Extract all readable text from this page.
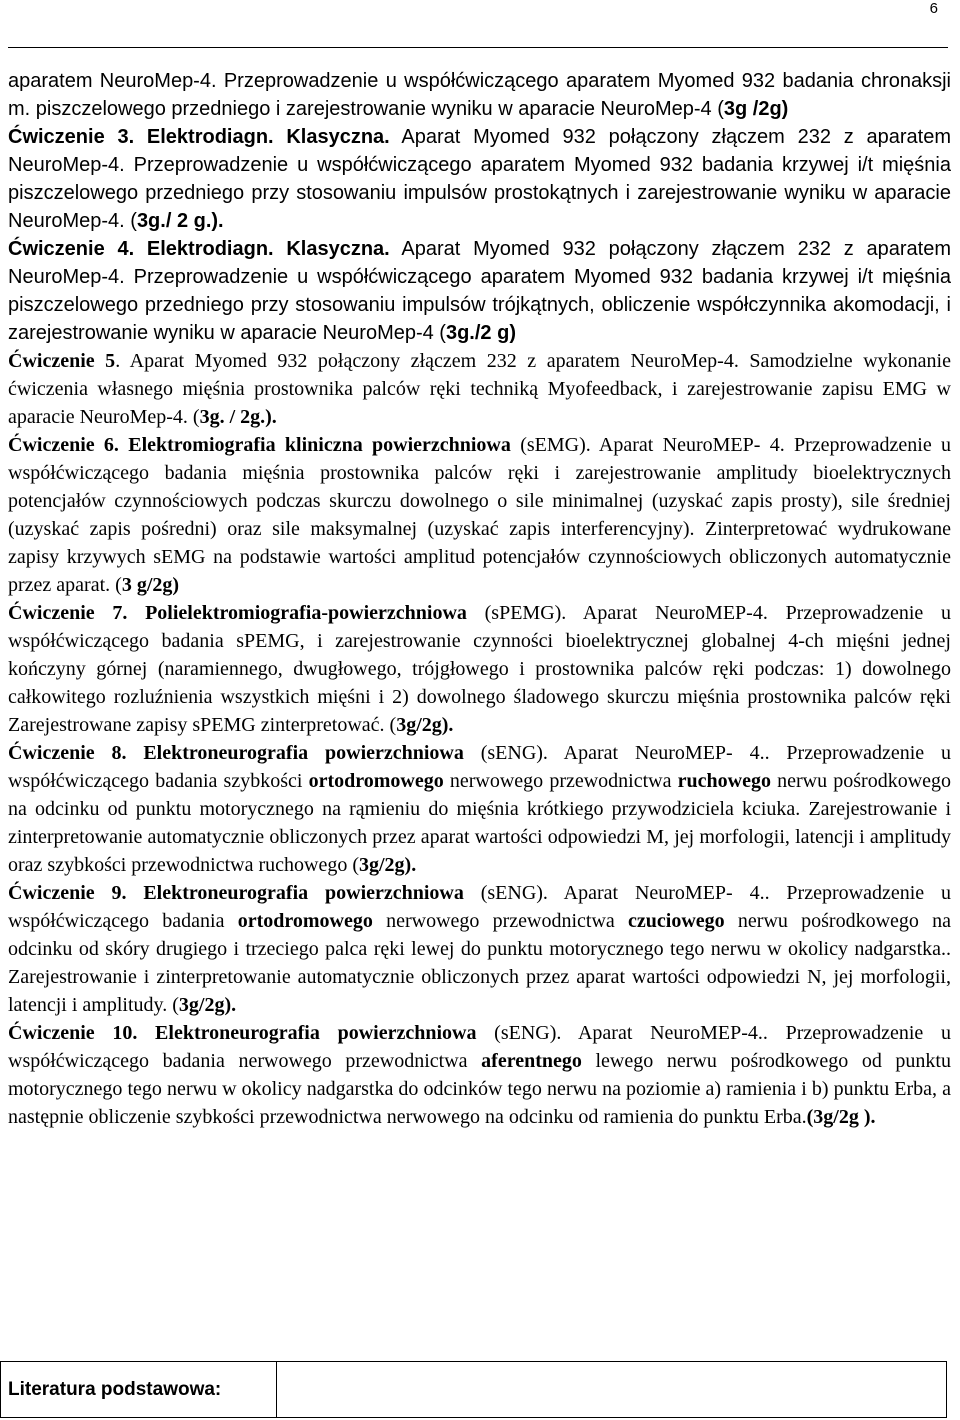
6

aparatem NeuroMep-4. Przeprowadzenie u współćwiczącego aparatem Myomed 932 badania chronaksji m. piszczelowego przedniego i zarejestrowanie wyniku w aparacie NeuroMep-4 (3g /2g)

Ćwiczenie 3. Elektrodiagn. Klasyczna. Aparat Myomed 932 połączony złączem 232 z aparatem NeuroMep-4. Przeprowadzenie u współćwiczącego aparatem Myomed 932 badania krzywej i/t mięśnia piszczelowego przedniego przy stosowaniu impulsów prostokątnych i zarejestrowanie wyniku w aparacie NeuroMep-4. (3g./ 2 g.).

Ćwiczenie 4. Elektrodiagn. Klasyczna. Aparat Myomed 932 połączony złączem 232 z aparatem NeuroMep-4. Przeprowadzenie u współćwiczącego aparatem Myomed 932 badania krzywej i/t mięśnia piszczelowego przedniego przy stosowaniu impulsów trójkątnych, obliczenie współczynnika akomodacji, i zarejestrowanie wyniku w aparacie NeuroMep-4 (3g./2 g)

Ćwiczenie 5. Aparat Myomed 932 połączony złączem 232 z aparatem NeuroMep-4. Samodzielne wykonanie ćwiczenia własnego mięśnia prostownika palców ręki techniką Myofeedback, i zarejestrowanie zapisu EMG w aparacie NeuroMep-4. (3g. / 2g.).

Ćwiczenie 6. Elektromiografia kliniczna powierzchniowa (sEMG). Aparat NeuroMEP- 4. Przeprowadzenie u współćwiczącego badania mięśnia prostownika palców ręki i zarejestrowanie amplitudy bioelektrycznych potencjałów czynnościowych podczas skurczu dowolnego o sile minimalnej (uzyskać zapis prosty), sile średniej (uzyskać zapis pośredni) oraz sile maksymalnej (uzyskać zapis interferencyjny). Zinterpretować wydrukowane zapisy krzywych sEMG na podstawie wartości amplitud potencjałów czynnościowych obliczonych automatycznie przez aparat. (3 g/2g)

Ćwiczenie 7. Polielektromiografia-powierzchniowa (sPEMG). Aparat NeuroMEP-4. Przeprowadzenie u współćwiczącego badania sPEMG, i zarejestrowanie czynności bioelektrycznej globalnej 4-ch mięśni jednej kończyny górnej (naramiennego, dwugłowego, trójgłowego i prostownika palców ręki podczas: 1) dowolnego całkowitego rozluźnienia wszystkich mięśni i 2) dowolnego śladowego skurczu mięśnia prostownika palców ręki Zarejestrowane zapisy sPEMG zinterpretować. (3g/2g).

Ćwiczenie 8. Elektroneurografia powierzchniowa (sENG). Aparat NeuroMEP- 4.. Przeprowadzenie u współćwiczącego badania szybkości ortodromowego nerwowego przewodnictwa ruchowego nerwu pośrodkowego na odcinku od punktu motorycznego na rąmieniu do mięśnia krótkiego przywodziciela kciuka. Zarejestrowanie i zinterpretowanie automatycznie obliczonych przez aparat wartości odpowiedzi M, jej morfologii, latencji i amplitudy oraz szybkości przewodnictwa ruchowego (3g/2g).

Ćwiczenie 9. Elektroneurografia powierzchniowa (sENG). Aparat NeuroMEP- 4.. Przeprowadzenie u współćwiczącego badania ortodromowego nerwowego przewodnictwa czuciowego nerwu pośrodkowego na odcinku od skóry drugiego i trzeciego palca ręki lewej do punktu motorycznego tego nerwu w okolicy nadgarstka.. Zarejestrowanie i zinterpretowanie automatycznie obliczonych przez aparat wartości odpowiedzi N, jej morfologii, latencji i amplitudy. (3g/2g).

Ćwiczenie 10. Elektroneurografia powierzchniowa (sENG). Aparat NeuroMEP-4.. Przeprowadzenie u współćwiczącego badania nerwowego przewodnictwa aferentnego lewego nerwu pośrodkowego od punktu motorycznego tego nerwu w okolicy nadgarstka do odcinków tego nerwu na poziomie a) ramienia i b) punktu Erba, a następnie obliczenie szybkości przewodnictwa nerwowego na odcinku od ramienia do punktu Erba.(3g/2g ).

Literatura podstawowa:	
